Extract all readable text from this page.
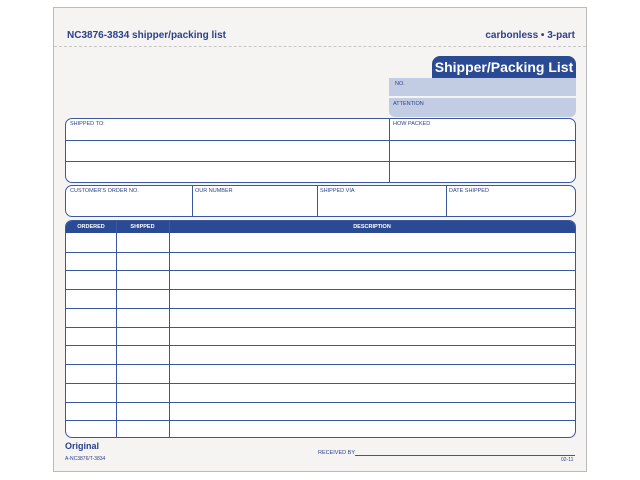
NC3876-3834 shipper/packing list	carbonless • 3-part
Shipper/Packing List
NO.
ATTENTION
SHIPPED TO:	HOW PACKED
CUSTOMER'S ORDER NO.	OUR NUMBER	SHIPPED VIA	DATE SHIPPED
ORDERED	SHIPPED	DESCRIPTION
Original
A-NC3876/T-3834
RECEIVED BY
02-11
